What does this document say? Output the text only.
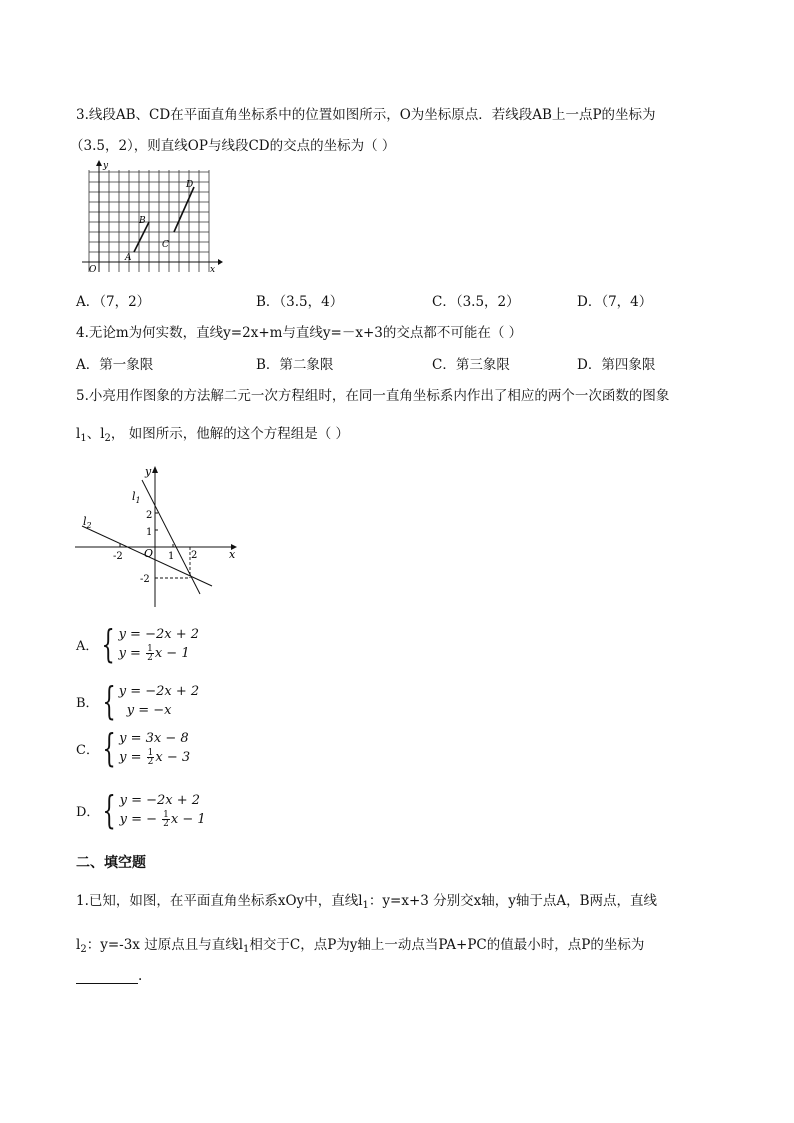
3.线段AB、CD在平面直角坐标系中的位置如图所示，O为坐标原点．若线段AB上一点P的坐标为
（3.5，2），则直线OP与线段CD的交点的坐标为（ ）
y
x
O
A
B
C
D
A．（7，2）	B．（3.5，4）	C．（3.5，2）	D．（7，4）
4.无论m为何实数，直线y=2x+m与直线y=－x+3的交点都不可能在（ ）
A．第一象限	B．第二象限	C．第三象限	D．第四象限
5.小亮用作图象的方法解二元一次方程组时，在同一直角坐标系内作出了相应的两个一次函数的图象
$l_1$、$l_2$， 如图所示，他解的这个方程组是（ ）
y
x
O
$l_1$
$l_2$
-2	1 2
2
1
-2
A． { y = −2x + 2
$y = \frac{1}{2}$ x − 1
B． { y = −2x + 2
y = −x
C． { y = 3x − 8
$y = \frac{1}{2}$ x − 3
D． { y = −2x + 2
y = − $\frac{1}{2}$ x − 1
二、填空题
1.已知，如图，在平面直角坐标系xOy中，直线$l_1$：y=x+3 分别交x轴，y轴于点A，B两点，直线
$l_2$：y=-3x 过原点且与直线$l_1$相交于C，点P为y轴上一动点当PA+PC的值最小时，点P的坐标为
.
